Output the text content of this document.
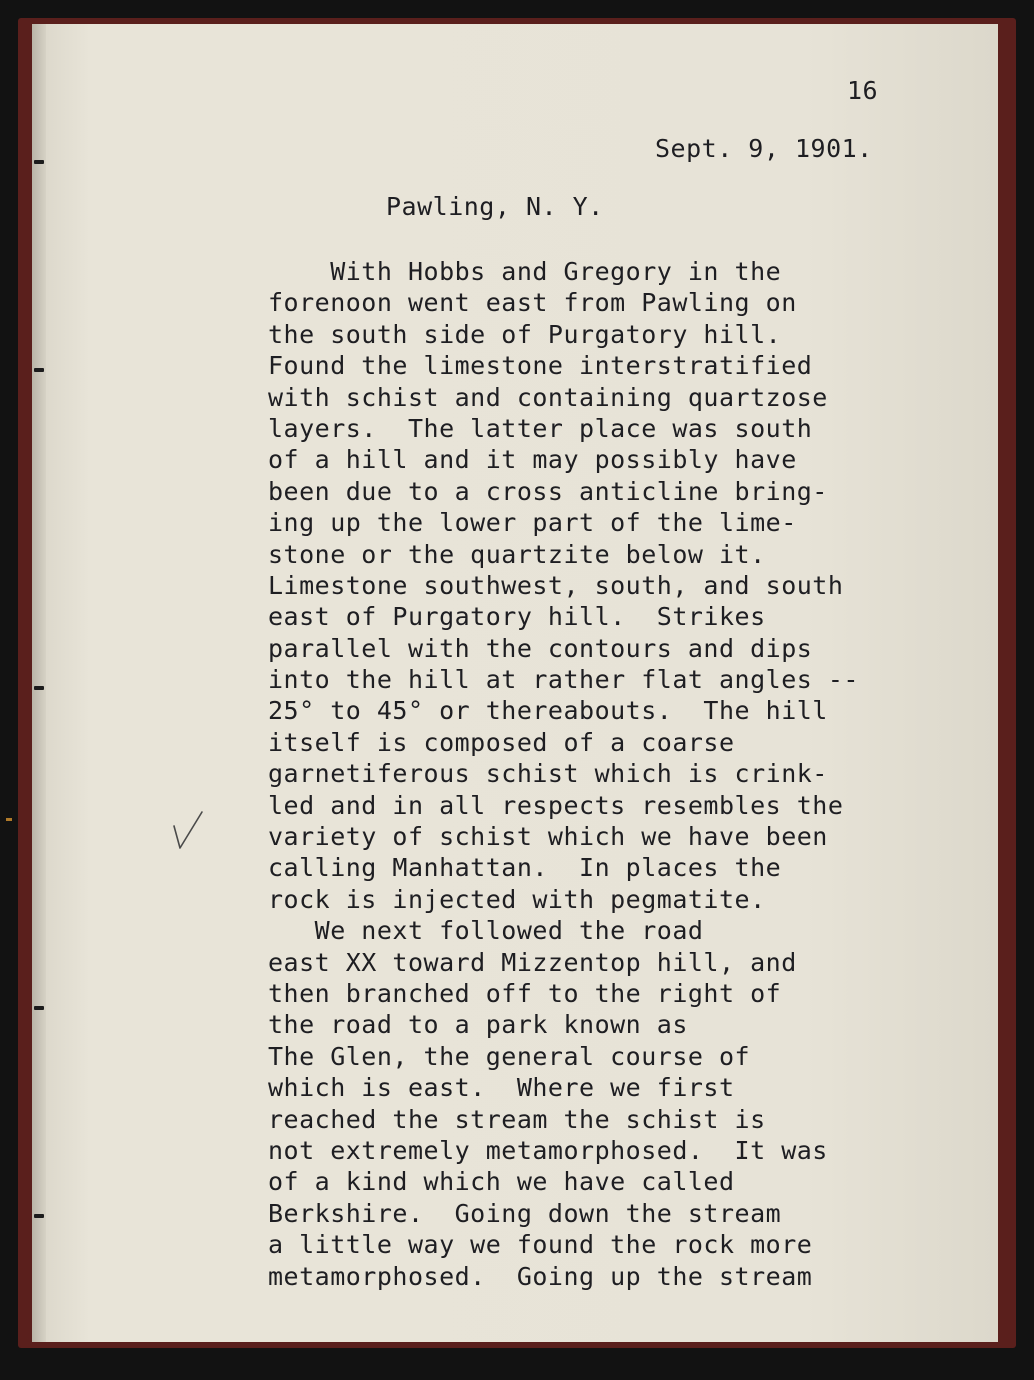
16
Sept. 9, 1901.
Pawling, N. Y.
With Hobbs and Gregory in the
forenoon went east from Pawling on
the south side of Purgatory hill.
Found the limestone interstratified
with schist and containing quartzose
layers.  The latter place was south
of a hill and it may possibly have
been due to a cross anticline bring-
ing up the lower part of the lime-
stone or the quartzite below it.
Limestone southwest, south, and south
east of Purgatory hill.  Strikes
parallel with the contours and dips
into the hill at rather flat angles --
25° to 45° or thereabouts.  The hill
itself is composed of a coarse
garnetiferous schist which is crink-
led and in all respects resembles the
variety of schist which we have been
calling Manhattan.  In places the
rock is injected with pegmatite.
We next followed the road
east XX toward Mizzentop hill, and
then branched off to the right of
the road to a park known as
The Glen, the general course of
which is east.  Where we first
reached the stream the schist is
not extremely metamorphosed.  It was
of a kind which we have called
Berkshire.  Going down the stream
a little way we found the rock more
metamorphosed.  Going up the stream
